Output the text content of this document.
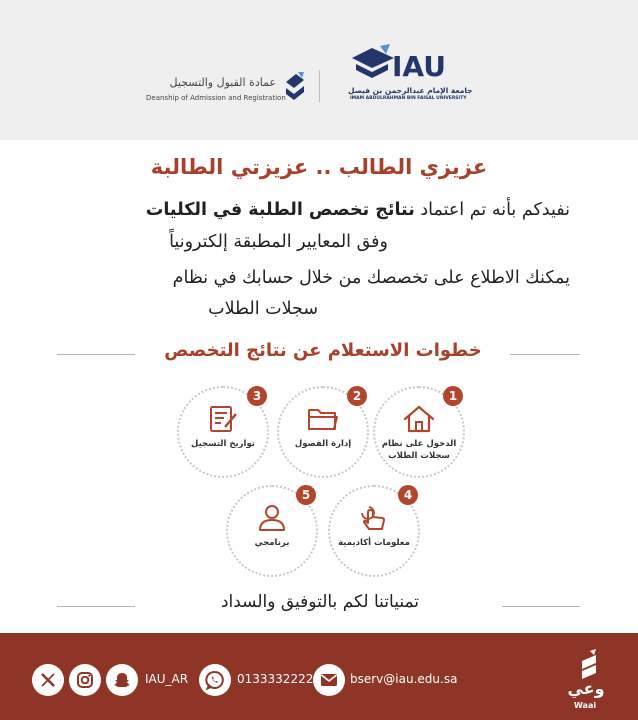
IAU
جامعة الإمام عبدالرحمن بن فيصل
IMAM ABDULRAHMAN BIN FAISAL UNIVERSITY
عمادة القبول والتسجيل
Deanship of Admission and Registration
عزيزي الطالب .. عزيزتي الطالبة
نفيدكم بأنه تم اعتماد نتائج تخصص الطلبة في الكليات
وفق المعايير المطبقة إلكترونياً
يمكنك الاطلاع على تخصصك من خلال حسابك في نظام
سجلات الطلاب
خطوات الاستعلام عن نتائج التخصص
1
الدخول على نظام سجلات الطلاب
2
إدارة الفصول
3
تواريخ التسجيل
4
معلومات أكاديمية
5
برنامجي
تمنياتنا لكم بالتوفيق والسداد
IAU_AR	0133332222	bserv@iau.edu.sa	وعي
Waai
